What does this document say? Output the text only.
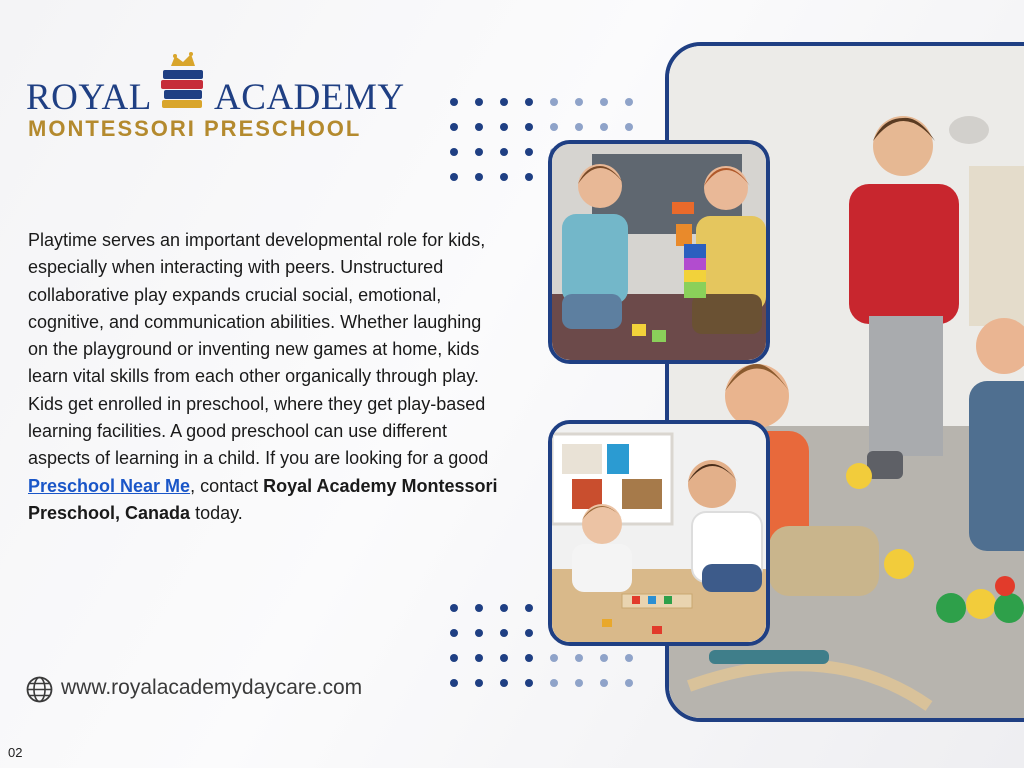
ROYAL ACADEMY
MONTESSORI PRESCHOOL
Playtime serves an important developmental role for kids, especially when interacting with peers. Unstructured collaborative play expands crucial social, emotional, cognitive, and communication abilities. Whether laughing on the playground or inventing new games at home, kids learn vital skills from each other organically through play. Kids get enrolled in preschool, where they get play-based learning facilities. A good preschool can use different aspects of learning in a child. If you are looking for a good Preschool Near Me, contact Royal Academy Montessori Preschool, Canada today.
www.royalacademydaycare.com
02
